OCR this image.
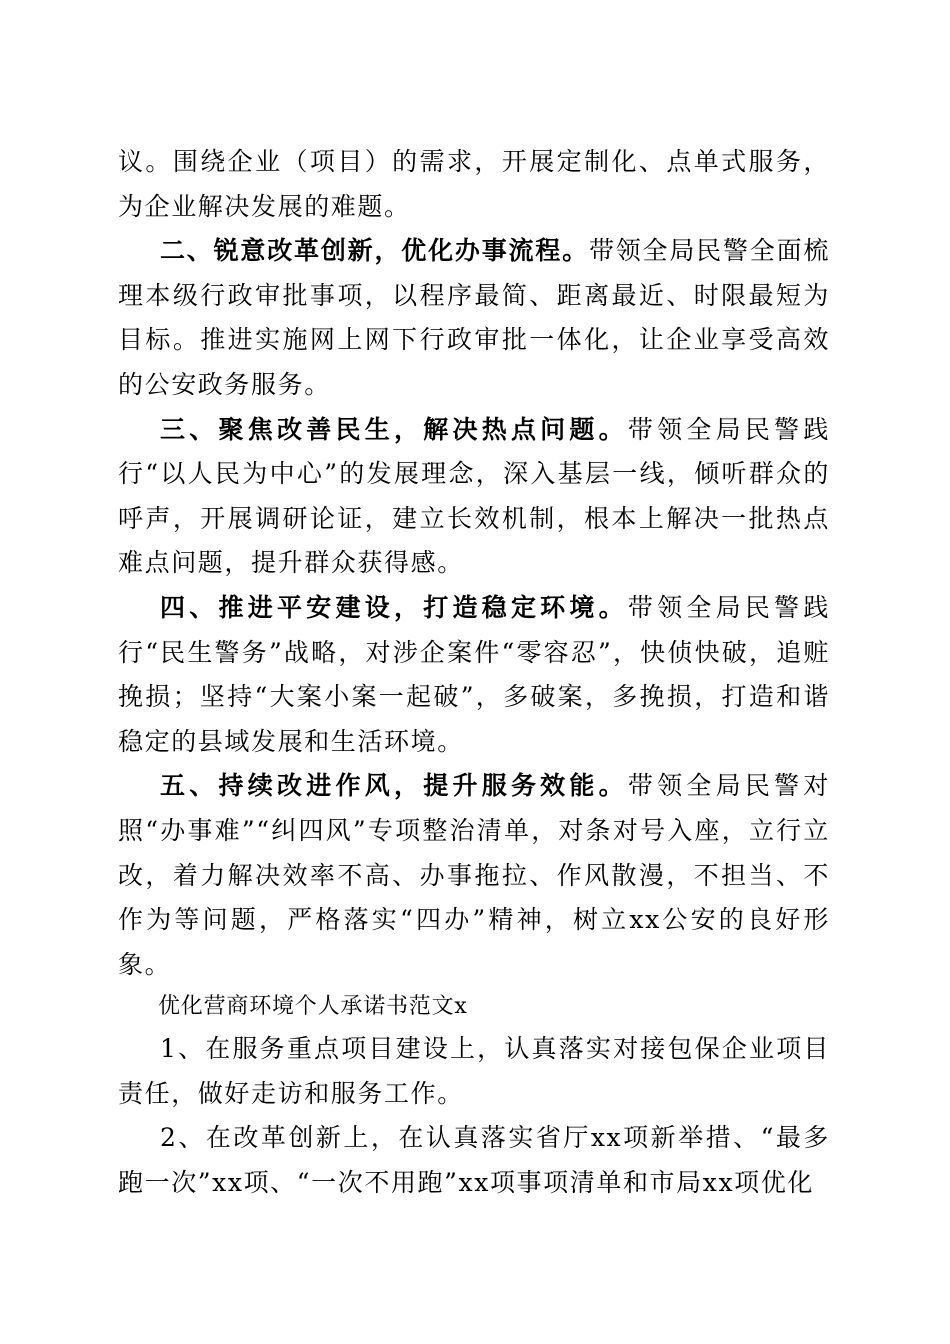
议。围绕企业（项目）的需求，开展定制化、点单式服务，为企业解决发展的难题。

二、锐意改革创新，优化办事流程。带领全局民警全面梳理本级行政审批事项，以程序最简、距离最近、时限最短为目标。推进实施网上网下行政审批一体化，让企业享受高效的公安政务服务。

三、聚焦改善民生，解决热点问题。带领全局民警践行“以人民为中心”的发展理念，深入基层一线，倾听群众的呼声，开展调研论证，建立长效机制，根本上解决一批热点难点问题，提升群众获得感。

四、推进平安建设，打造稳定环境。带领全局民警践行“民生警务”战略，对涉企案件“零容忍”，快侦快破，追赃挽损；坚持“大案小案一起破”，多破案，多挽损，打造和谐稳定的县域发展和生活环境。

五、持续改进作风，提升服务效能。带领全局民警对照“办事难”“纠四风”专项整治清单，对条对号入座，立行立改，着力解决效率不高、办事拖拉、作风散漫，不担当、不作为等问题，严格落实“四办”精神，树立xx公安的良好形象。

优化营商环境个人承诺书范文x

1、在服务重点项目建设上，认真落实对接包保企业项目责任，做好走访和服务工作。

2、在改革创新上，在认真落实省厅xx项新举措、“最多跑一次”xx项、“一次不用跑”xx项事项清单和市局xx项优化
